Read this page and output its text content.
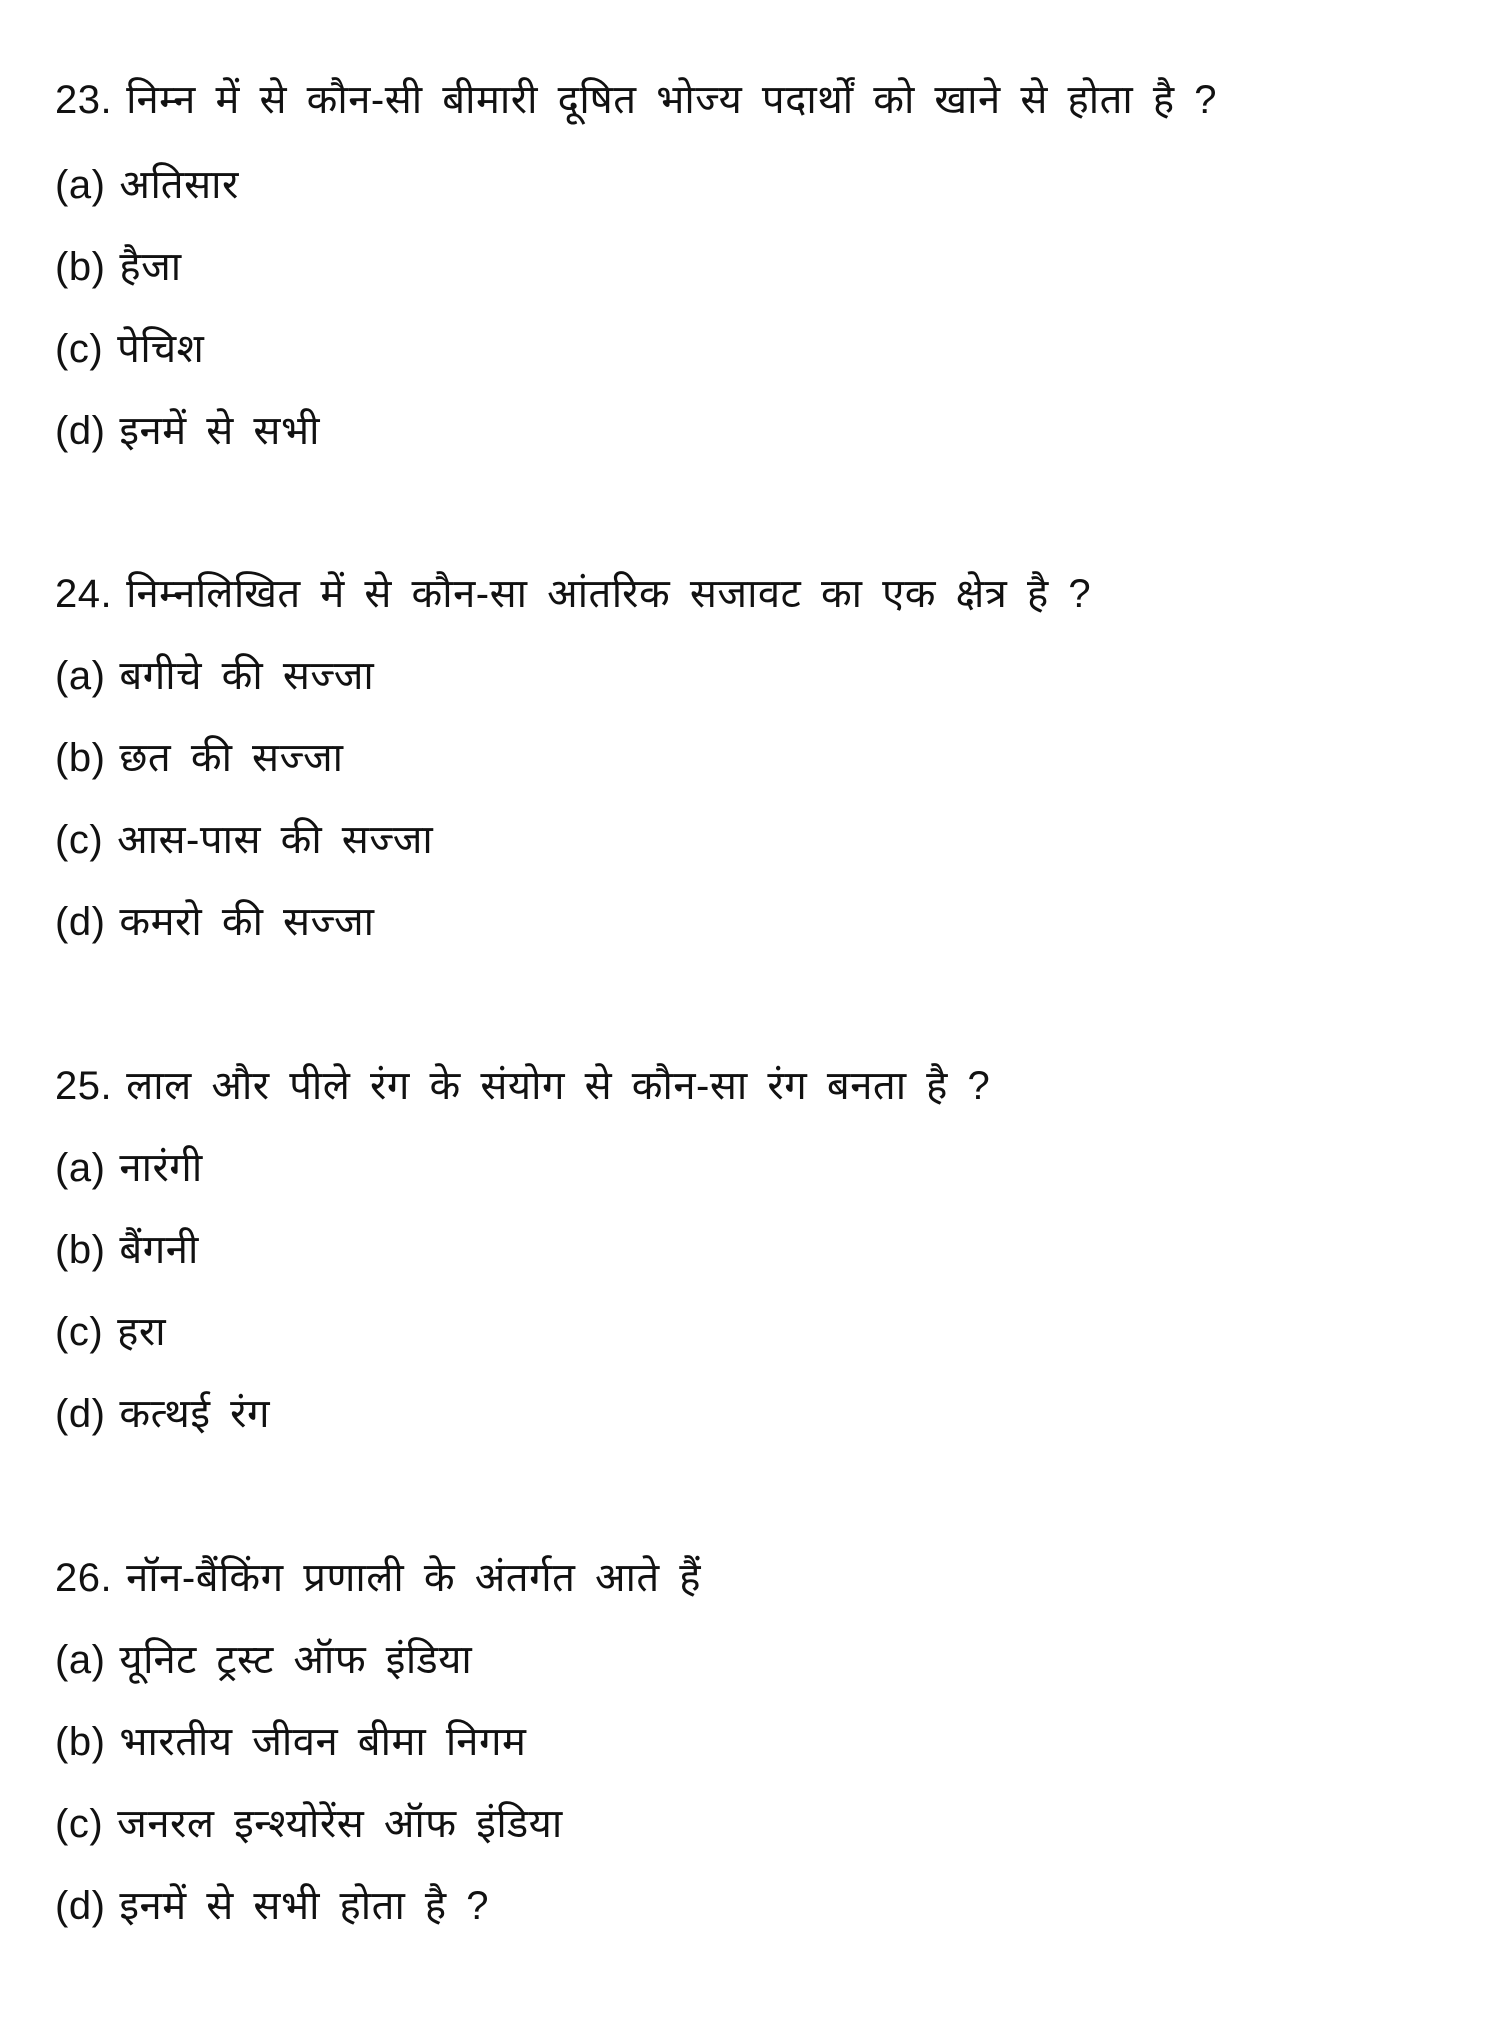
23. निम्न में से कौन-सी बीमारी दूषित भोज्य पदार्थों को खाने से होता है ?
(a) अतिसार
(b) हैजा
(c) पेचिश
(d) इनमें से सभी
24. निम्नलिखित में से कौन-सा आंतरिक सजावट का एक क्षेत्र है ?
(a) बगीचे की सज्जा
(b) छत की सज्जा
(c) आस-पास की सज्जा
(d) कमरो की सज्जा
25. लाल और पीले रंग के संयोग से कौन-सा रंग बनता है ?
(a) नारंगी
(b) बैंगनी
(c) हरा
(d) कत्थई रंग
26. नॉन-बैंकिंग प्रणाली के अंतर्गत आते हैं
(a) यूनिट ट्रस्ट ऑफ इंडिया
(b) भारतीय जीवन बीमा निगम
(c) जनरल इन्श्योरेंस ऑफ इंडिया
(d) इनमें से सभी होता है ?
